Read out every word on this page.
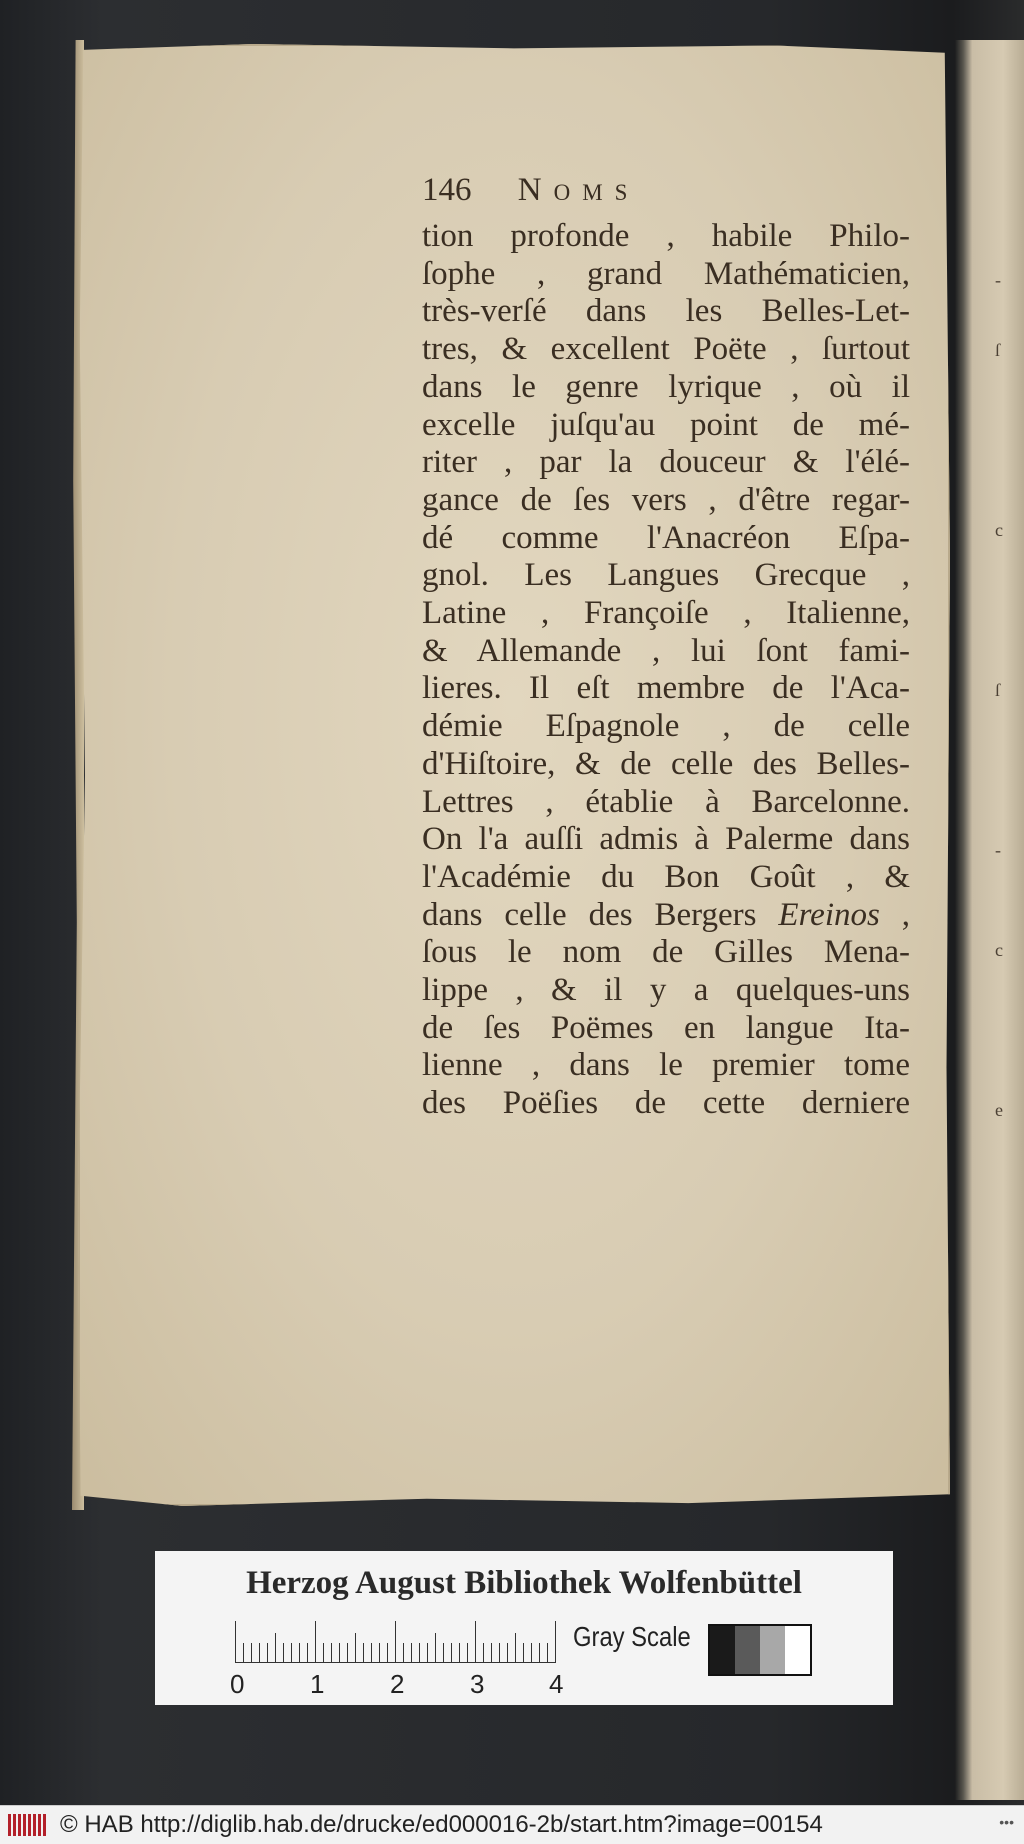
-
ſ
c
ſ
-
c
e
146 Noms
tion profonde , habile Philo-
ſophe , grand Mathématicien,
très-verſé dans les Belles-Let-
tres, & excellent Poëte , ſurtout
dans le genre lyrique , où il
excelle juſqu'au point de mé-
riter , par la douceur & l'élé-
gance de ſes vers , d'être regar-
dé comme l'Anacréon Eſpa-
gnol. Les Langues Grecque ,
Latine , Françoiſe , Italienne,
& Allemande , lui ſont fami-
lieres. Il eſt membre de l'Aca-
démie Eſpagnole , de celle
d'Hiſtoire, & de celle des Belles-
Lettres , établie à Barcelonne.
On l'a auſſi admis à Palerme dans
l'Académie du Bon Goût , &
dans celle des Bergers Ereinos ,
ſous le nom de Gilles Mena-
lippe , & il y a quelques-uns
de ſes Poëmes en langue Ita-
lienne , dans le premier tome
des Poëſies de cette derniere
Herzog August Bibliothek Wolfenbüttel
0	1	2	3 4
Gray Scale
© HAB http://diglib.hab.de/drucke/ed000016-2b/start.htm?image=00154	•••
